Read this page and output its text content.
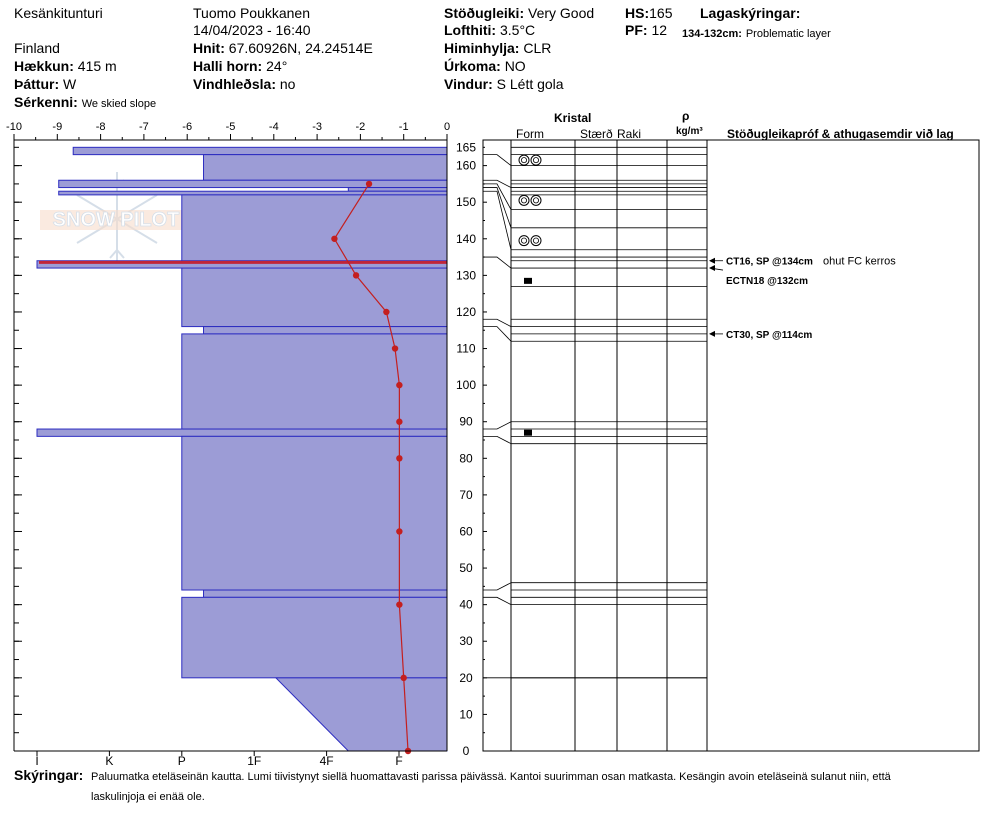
Kesänkitunturi
Finland
Hækkun: 415 m
Þáttur: W
Sérkenni: We skied slope
Tuomo Poukkanen
14/04/2023 - 16:40
Hnit: 67.60926N, 24.24514E
Halli horn: 24°
Vindhleðsla: no
Stöðugleiki: Very Good
Lofthiti: 3.5°C
Himinhylja: CLR
Úrkoma: NO
Vindur: S Létt gola
HS:165
PF: 12
Lagaskýringar:
134-132cm: Problematic layer
Kristal
Form	Stærð Raki
ρ
kg/m³ Stöðugleikapróf & athugasemdir við lag
SNOW PILOT
-10	-9	-8	-7	-6	-5	-4	-3	-2	-1	0
I	K	P	1F	4F	F
0
10
20
30
40
50
60
70
80
90
100
110
120
130
140
150
160
165
CT16, SP @134cm ohut FC kerros
ECTN18 @132cm
CT30, SP @114cm
Skýringar: Paluumatka eteläseinän kautta. Lumi tiivistynyt siellä huomattavasti parissa päivässä. Kantoi suurimman osan matkasta. Kesängin avoin eteläseinä sulanut niin, että
laskulinjoja ei enää ole.
